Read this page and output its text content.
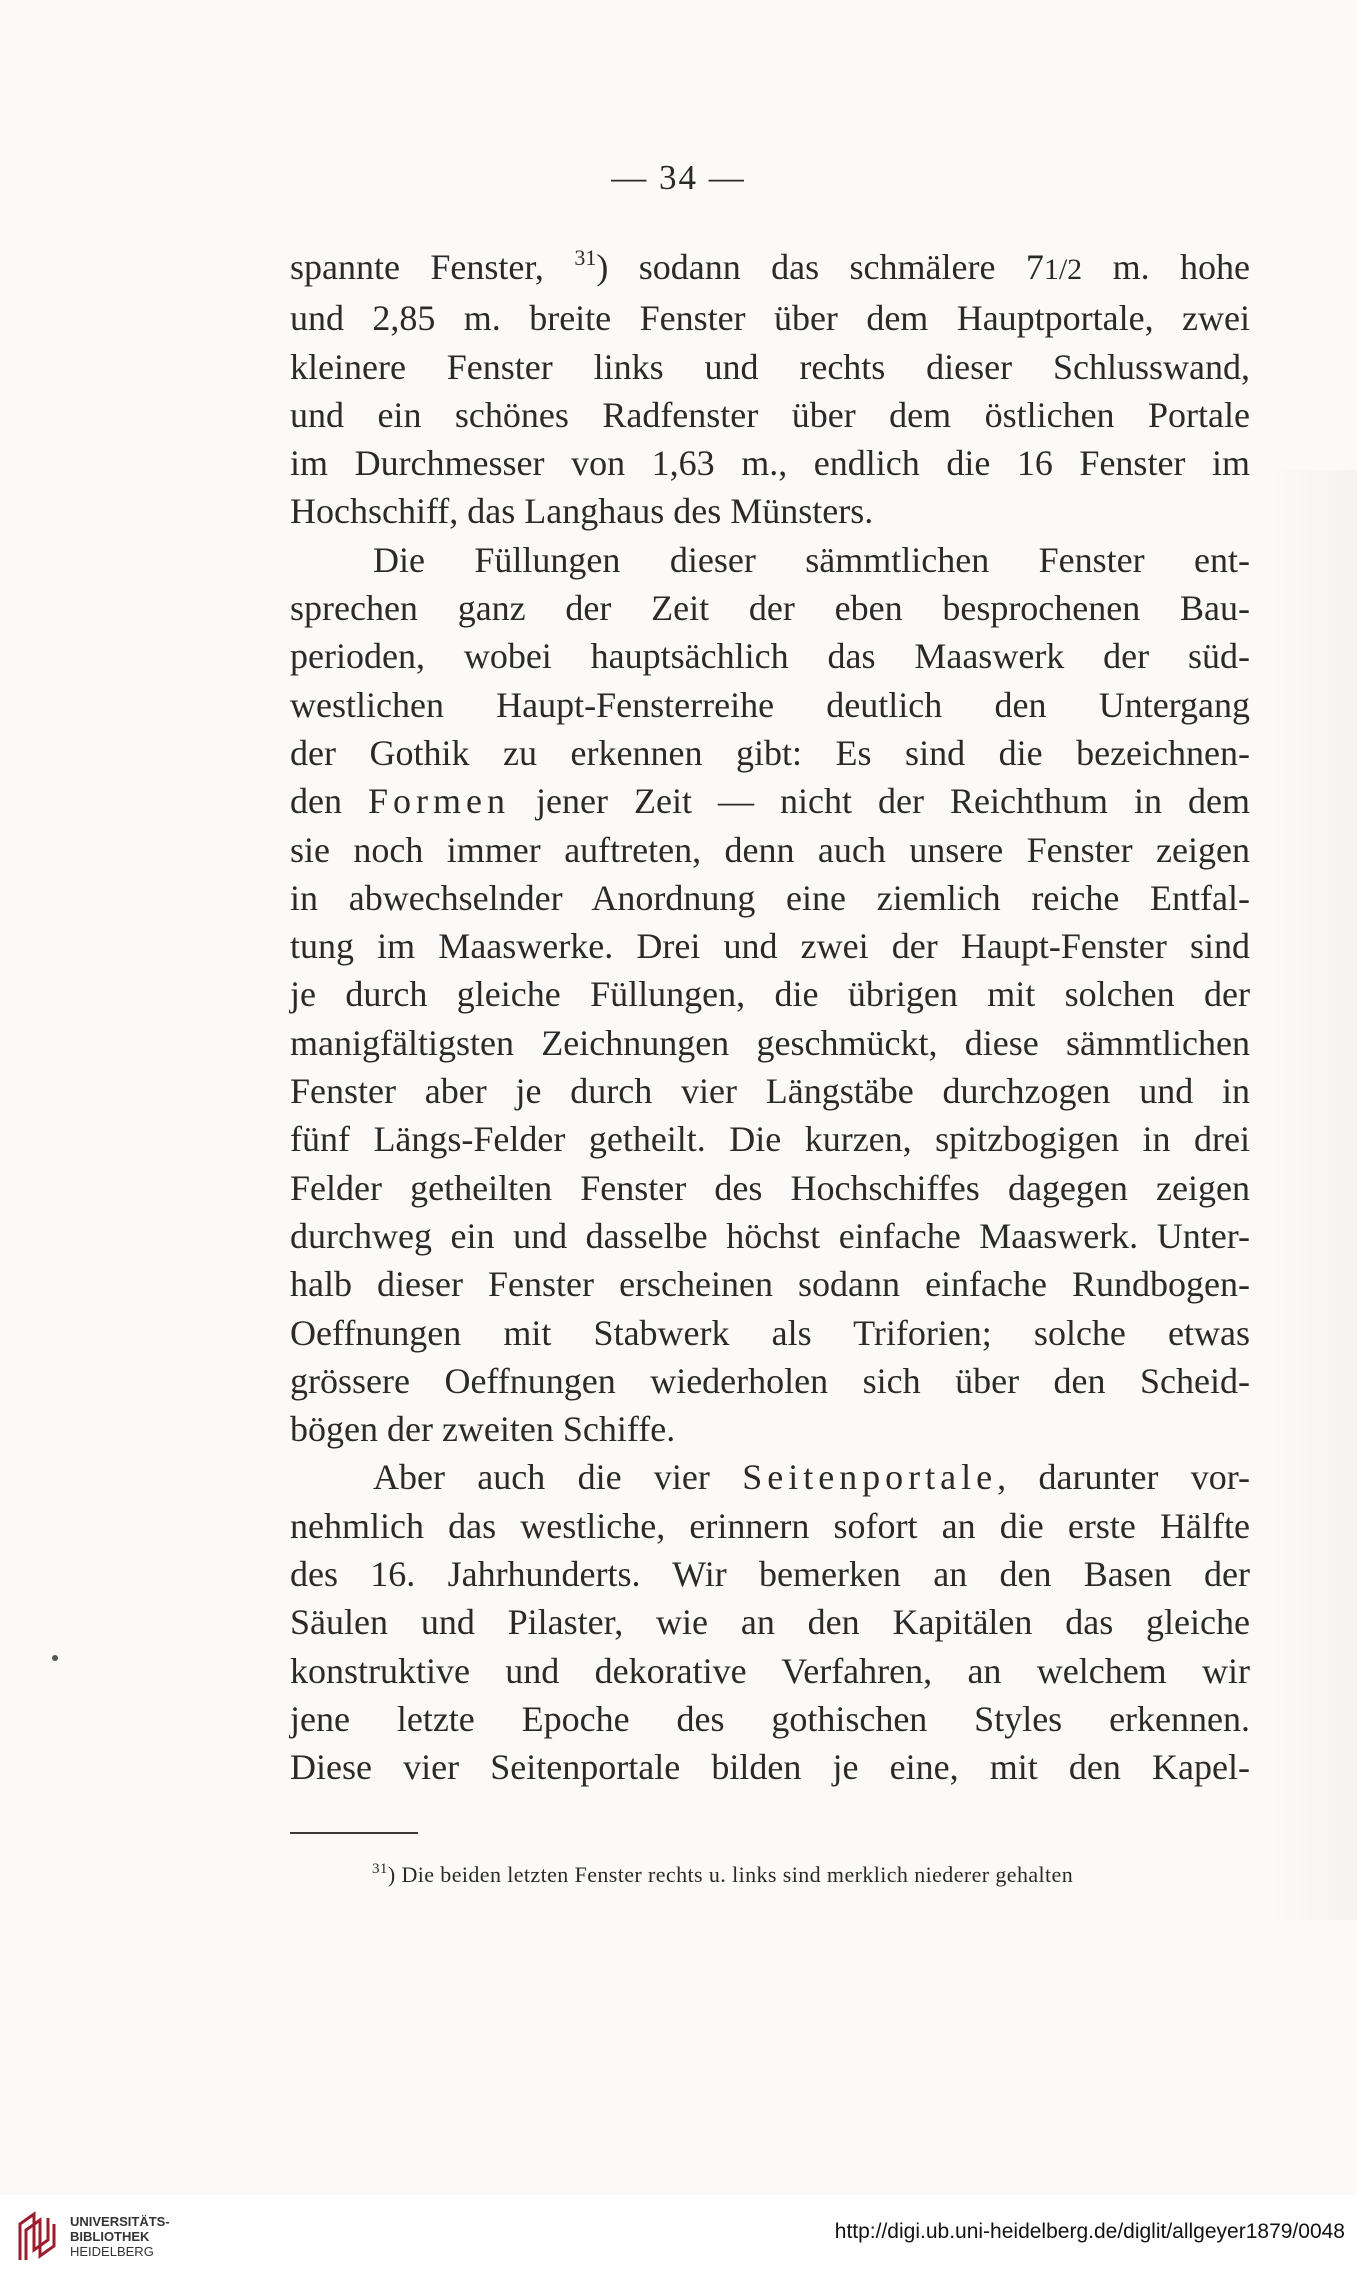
— 34 —
spannte Fenster, $^{31}$) sodann das schmälere 71/2 m. hohe
und 2,85 m. breite Fenster über dem Hauptportale, zwei
kleinere Fenster links und rechts dieser Schlusswand,
und ein schönes Radfenster über dem östlichen Portale
im Durchmesser von 1,63 m., endlich die 16 Fenster im
Hochschiff, das Langhaus des Münsters.
Die Füllungen dieser sämmtlichen Fenster ent-
sprechen ganz der Zeit der eben besprochenen Bau-
perioden, wobei hauptsächlich das Maaswerk der süd-
westlichen Haupt-Fensterreihe deutlich den Untergang
der Gothik zu erkennen gibt: Es sind die bezeichnen-
den Formen jener Zeit — nicht der Reichthum in dem
sie noch immer auftreten, denn auch unsere Fenster zeigen
in abwechselnder Anordnung eine ziemlich reiche Entfal-
tung im Maaswerke. Drei und zwei der Haupt-Fenster sind
je durch gleiche Füllungen, die übrigen mit solchen der
manigfältigsten Zeichnungen geschmückt, diese sämmtlichen
Fenster aber je durch vier Längstäbe durchzogen und in
fünf Längs-Felder getheilt. Die kurzen, spitzbogigen in drei
Felder getheilten Fenster des Hochschiffes dagegen zeigen
durchweg ein und dasselbe höchst einfache Maaswerk. Unter-
halb dieser Fenster erscheinen sodann einfache Rundbogen-
Oeffnungen mit Stabwerk als Triforien; solche etwas
grössere Oeffnungen wiederholen sich über den Scheid-
bögen der zweiten Schiffe.
Aber auch die vier Seitenportale, darunter vor-
nehmlich das westliche, erinnern sofort an die erste Hälfte
des 16. Jahrhunderts. Wir bemerken an den Basen der
Säulen und Pilaster, wie an den Kapitälen das gleiche
konstruktive und dekorative Verfahren, an welchem wir
jene letzte Epoche des gothischen Styles erkennen.
Diese vier Seitenportale bilden je eine, mit den Kapel-
$^{31}$) Die beiden letzten Fenster rechts u. links sind merklich niederer gehalten
UNIVERSITÄTS-
BIBLIOTHEK
HEIDELBERG
http://digi.ub.uni-heidelberg.de/diglit/allgeyer1879/0048
